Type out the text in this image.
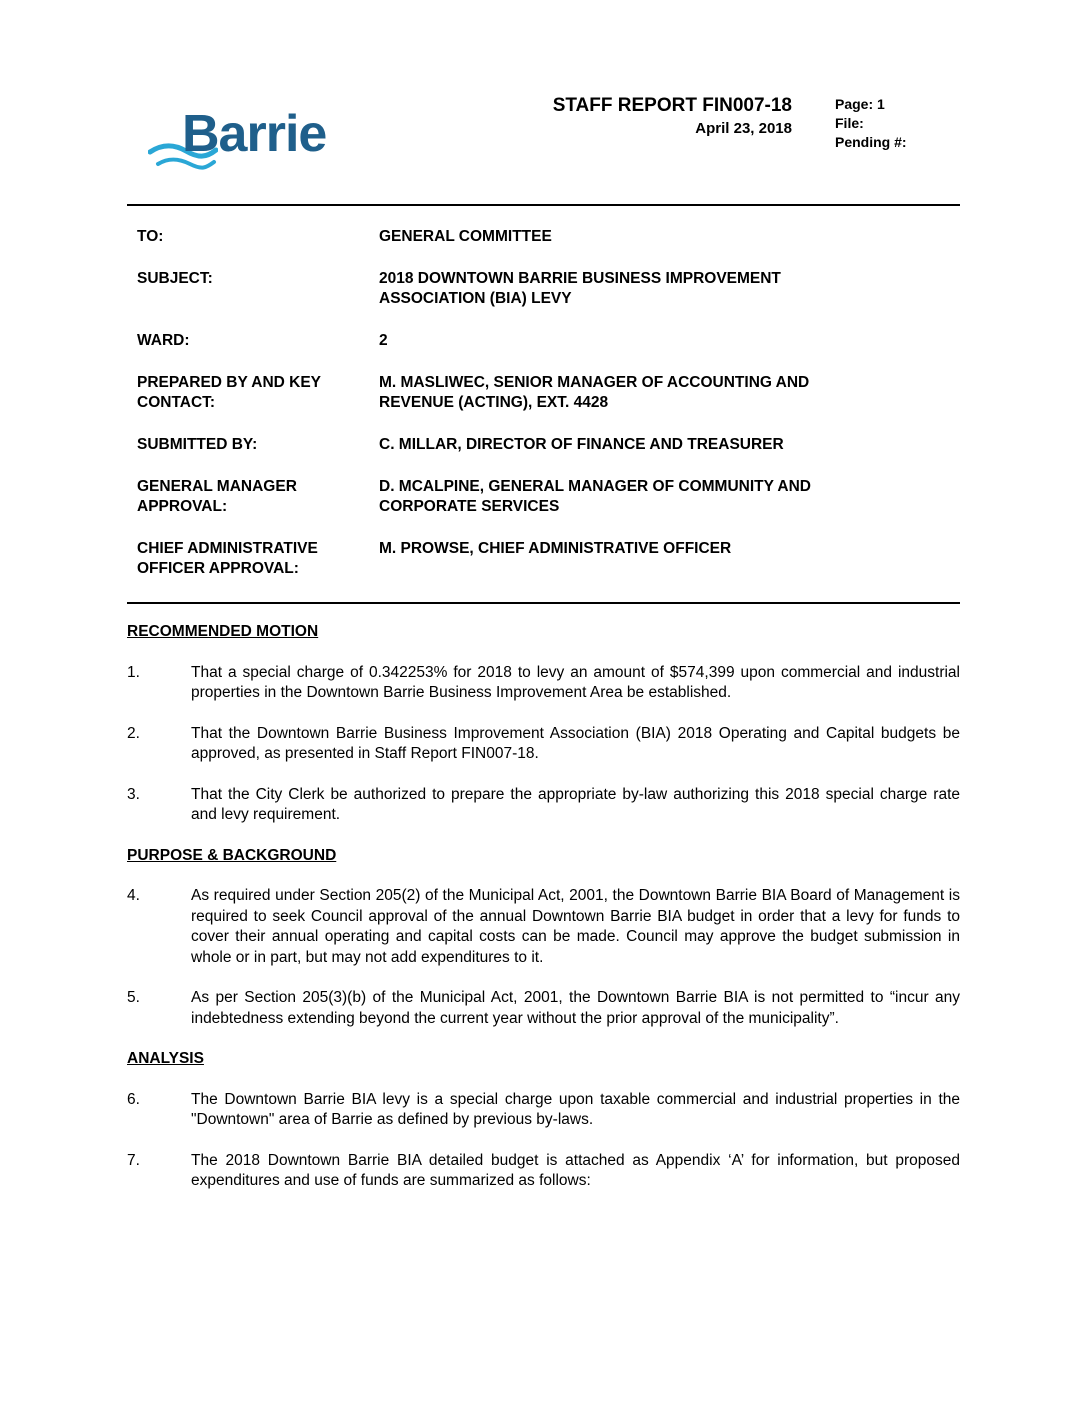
Barrie	STAFF REPORT FIN007-18
April 23, 2018
Page: 1
File:
Pending #:
TO:	GENERAL COMMITTEE
SUBJECT:	2018 DOWNTOWN BARRIE BUSINESS IMPROVEMENT ASSOCIATION (BIA) LEVY
WARD:	2
PREPARED BY AND KEY CONTACT:
M. MASLIWEC, SENIOR MANAGER OF ACCOUNTING AND REVENUE (ACTING), EXT. 4428
SUBMITTED BY:	C. MILLAR, DIRECTOR OF FINANCE AND TREASURER
GENERAL MANAGER APPROVAL:
D. MCALPINE, GENERAL MANAGER OF COMMUNITY AND CORPORATE SERVICES
CHIEF ADMINISTRATIVE OFFICER APPROVAL:
M. PROWSE, CHIEF ADMINISTRATIVE OFFICER
RECOMMENDED MOTION
1.	That a special charge of 0.342253% for 2018 to levy an amount of $574,399 upon commercial and industrial properties in the Downtown Barrie Business Improvement Area be established.
2.	That the Downtown Barrie Business Improvement Association (BIA) 2018 Operating and Capital budgets be approved, as presented in Staff Report FIN007-18.
3.	That the City Clerk be authorized to prepare the appropriate by-law authorizing this 2018 special charge rate and levy requirement.
PURPOSE & BACKGROUND
4.	As required under Section 205(2) of the Municipal Act, 2001, the Downtown Barrie BIA Board of Management is required to seek Council approval of the annual Downtown Barrie BIA budget in order that a levy for funds to cover their annual operating and capital costs can be made. Council may approve the budget submission in whole or in part, but may not add expenditures to it.
5.	As per Section 205(3)(b) of the Municipal Act, 2001, the Downtown Barrie BIA is not permitted to “incur any indebtedness extending beyond the current year without the prior approval of the municipality”.
ANALYSIS
6.	The Downtown Barrie BIA levy is a special charge upon taxable commercial and industrial properties in the "Downtown" area of Barrie as defined by previous by-laws.
7.	The 2018 Downtown Barrie BIA detailed budget is attached as Appendix ‘A’ for information, but proposed expenditures and use of funds are summarized as follows:
